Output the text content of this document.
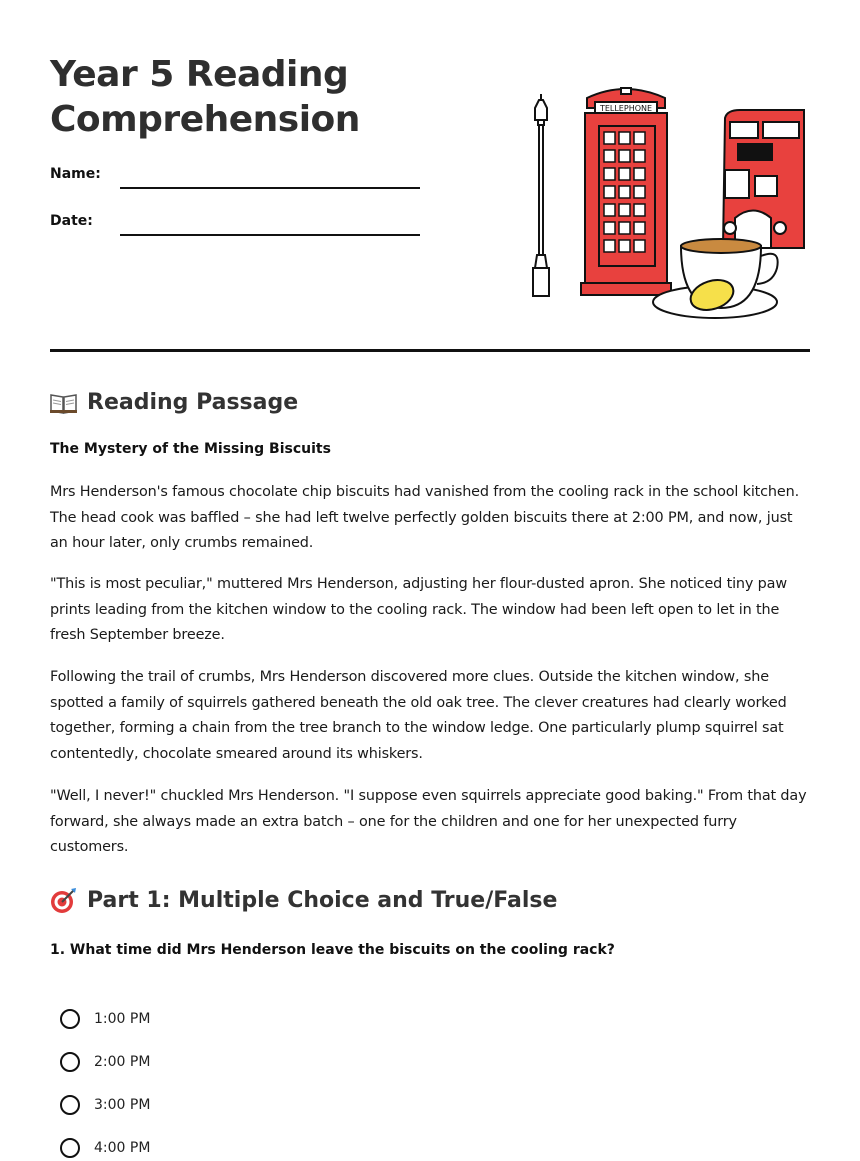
Year 5 Reading
Comprehension
Name:
Date:
TELLEPHONE
Reading Passage
The Mystery of the Missing Biscuits

Mrs Henderson's famous chocolate chip biscuits had vanished from the cooling rack in the school kitchen. The head cook was baffled – she had left twelve perfectly golden biscuits there at 2:00 PM, and now, just an hour later, only crumbs remained.

"This is most peculiar," muttered Mrs Henderson, adjusting her flour-dusted apron. She noticed tiny paw prints leading from the kitchen window to the cooling rack. The window had been left open to let in the fresh September breeze.

Following the trail of crumbs, Mrs Henderson discovered more clues. Outside the kitchen window, she spotted a family of squirrels gathered beneath the old oak tree. The clever creatures had clearly worked together, forming a chain from the tree branch to the window ledge. One particularly plump squirrel sat contentedly, chocolate smeared around its whiskers.

"Well, I never!" chuckled Mrs Henderson. "I suppose even squirrels appreciate good baking." From that day forward, she always made an extra batch – one for the children and one for her unexpected furry customers.

Part 1: Multiple Choice and True/False

1. What time did Mrs Henderson leave the biscuits on the cooling rack?

1:00 PM
2:00 PM
3:00 PM
4:00 PM
